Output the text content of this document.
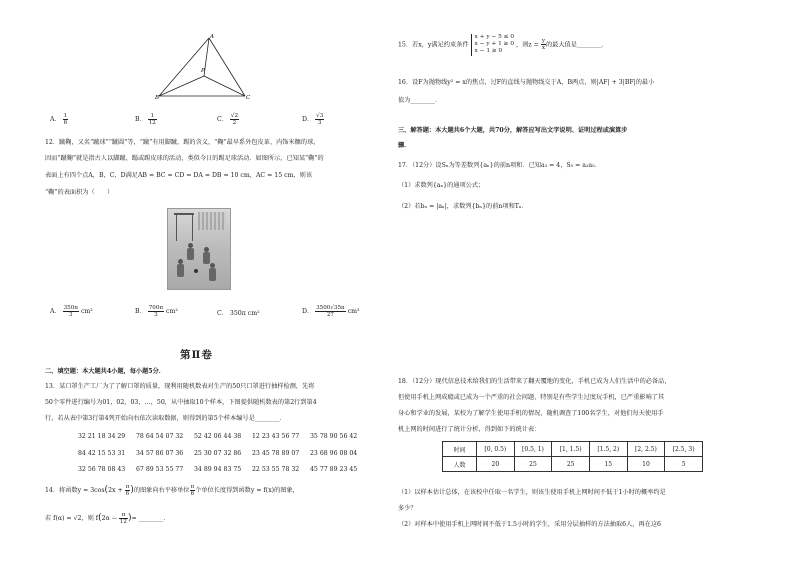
A
P
B	C
A． $\frac{1}{6}$	B． $\frac{1}{12}$	C． $\frac{√2}{2}$	D． $\frac{√3}{3}$
12．蹴鞠，又名“蹴球”“蹴圆”等，“蹴”有用脚蹴、踢的含义，“鞠”最早系外包皮革、内饰米糠的球，
因而“蹴鞠”就是指古人以脚蹴、蹋或踢皮球的活动，类似今日的踢足球活动．如图所示，已知某“鞠”的
表面上有四个点A，B，C，D满足AB = BC = CD = DA = DB = 10 cm，AC = 15 cm，则该
“鞠”的表面积为（　　）
A． $\frac{350\pi}{3} cm^2$	B． $\frac{700\pi}{3} cm^2$	C． 350π cm²	D． $\frac{3500√35\pi}{27} cm^3$
第Ⅱ卷
二、填空题：本大题共4小题，每小题5分．
13．某口罩生产工厂为了了解口罩的质量，现利用随机数表对生产的50只口罩进行抽样检测，先将
50个零件进行编号为01，02，03，…，50，从中抽取10个样本，下图提供随机数表的第2行到第4
行，若从表中第3行第4列开始向右依次读取数据，则得到的第5个样本编号是________．
32 21 18 34 29 78 64 54 07 32 52 42 06 44 38 12 23 43 56 77 35 78 90 56 42
84 42 15 53 31 34 57 86 07 36 25 30 07 32 86 23 45 78 89 07 23 68 96 08 04
32 56 78 08 43 67 89 53 55 77 34 89 94 83 75 22 53 55 78 32 45 77 89 23 45
14．将函数$y = 3\cos(2x + \frac{\pi}{6}$ )的图象向右平移单位 $\frac{\pi}{6}$ 个单位长度得到函数y = f(x)的图象，
若 f(α) = √2，则 $f(2\alpha - \frac{\pi}{12}$ )= ________．
15．若x，y满足约束条件
x + y − 5 ≤ 0
x − y + 1 ≥ 0
x − 1 ≥ 0
，则$z = \frac{y}{x}$ 的最大值是________．
16．设F为抛物线y² = x的焦点，过F的直线与抛物线交于A，B两点，则|AF| + 3|BF|的最小
值为________．
三、解答题：本大题共6个大题，共70分，解答应写出文字说明、证明过程或演算步
骤．
17．（12分）设Sₙ为等差数列{aₙ}的前n项和．已知a₃ = 4，S₅ = a₂a₅．
（1）求数列{aₙ}的通项公式；
（2）若bₙ = |aₙ|，求数列{bₙ}的前n项和Tₙ．
18．（12分）现代信息技术给我们的生活带来了翻天覆地的变化，手机已成为人们生活中的必备品，
但使用手机上网成瘾或已成为一个严重的社会问题，特别是有些学生过度玩手机，已严重影响了其
身心和学业的发展，某校为了解学生使用手机的情况，随机调查了100名学生，对他们每天使用手
机上网的时间进行了统计分析，得到如下的统计表：
时间	[0, 0.5)	[0.5, 1)	[1, 1.5)	[1.5, 2)	[2, 2.5)	[2.5, 3)
人数	20	25	25	15	10	5
（1）以样本估计总体，在该校中任取一名学生，则该生使用手机上网时间不低于1小时的概率约是
多少？
（2）对样本中使用手机上网时间不低于1.5小时的学生，采用分层抽样的方法抽取6人，再在这6
